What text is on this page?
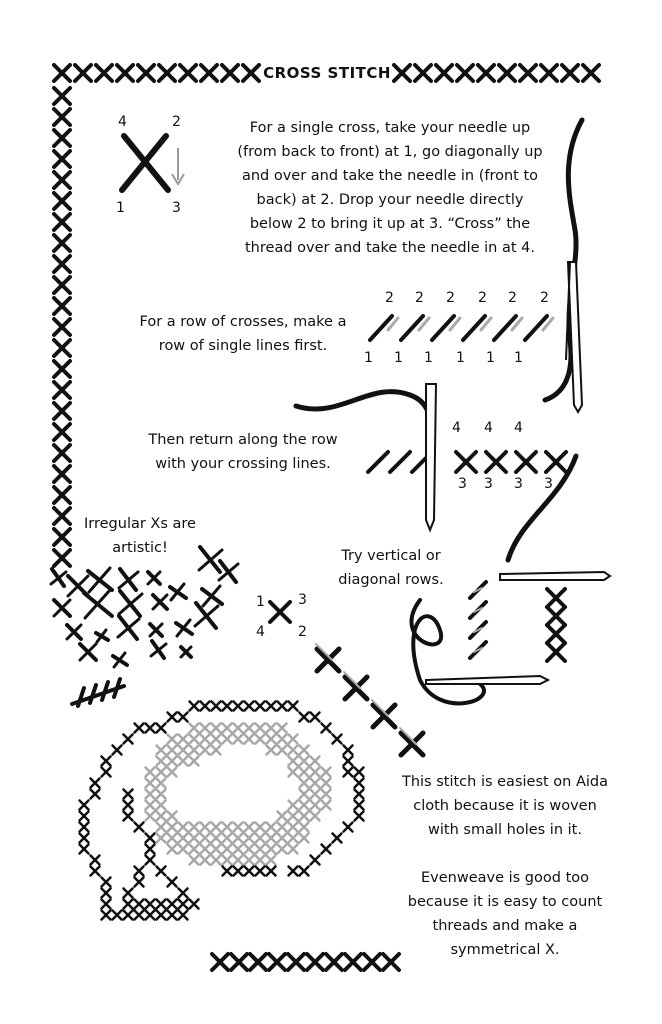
CROSS STITCH
For a single cross, take your needle up
(from back to front) at 1, go diagonally up
and over and take the needle in (front to
back) at 2. Drop your needle directly
below 2 to bring it up at 3. “Cross” the
thread over and take the needle in at 4.
For a row of crosses, make a
row of single lines first.
Then return along the row
with your crossing lines.
Irregular Xs are
artistic!	Try vertical or
diagonal rows.
This stitch is easiest on Aida
cloth because it is woven
with small holes in it.
Evenweave is good too
because it is easy to count
threads and make a
symmetrical X.
4	2
1	3
2 2 2 2 2 2
1 1 1 1 1 1
4 4 4
3 3 3 3
1 3
4 2
